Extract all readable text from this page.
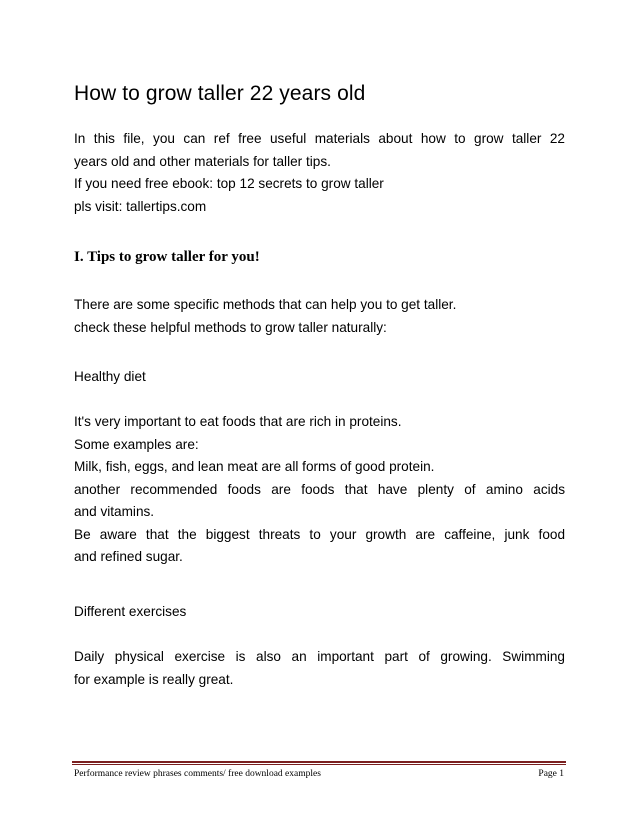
How to grow taller 22 years old
In this file, you can ref free useful materials about how to grow taller 22
years old and other materials for taller tips.
If you need free ebook: top 12 secrets to grow taller
pls visit: tallertips.com
I. Tips to grow taller for you!
There are some specific methods that can help you to get taller.
check these helpful methods to grow taller naturally:
Healthy diet
It's very important to eat foods that are rich in proteins.
Some examples are:
Milk, fish, eggs, and lean meat are all forms of good protein.
another recommended foods are foods that have plenty of amino acids
and vitamins.
Be aware that the biggest threats to your growth are caffeine, junk food
and refined sugar.
Different exercises
Daily physical exercise is also an important part of growing. Swimming
for example is really great.
Performance review phrases comments/ free download examples	Page 1
